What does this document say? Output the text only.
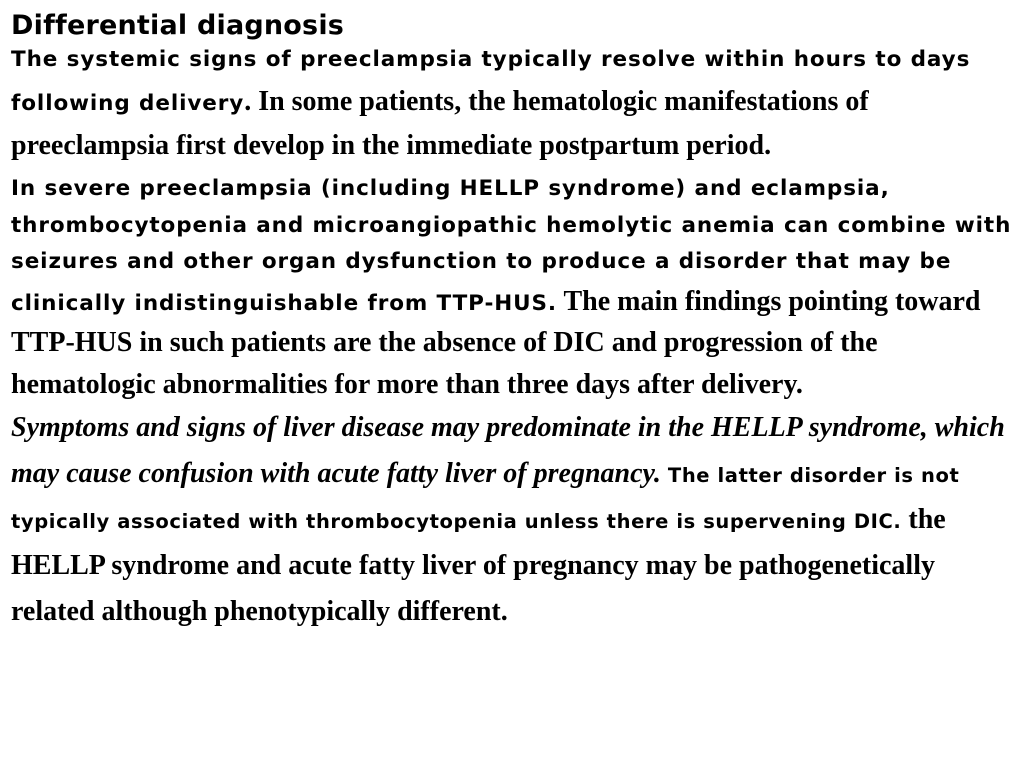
Differential diagnosis

The systemic signs of preeclampsia typically resolve within hours to days following delivery. In some patients, the hematologic manifestations of preeclampsia first develop in the immediate postpartum period.

In severe preeclampsia (including HELLP syndrome) and eclampsia, thrombocytopenia and microangiopathic hemolytic anemia can combine with seizures and other organ dysfunction to produce a disorder that may be clinically indistinguishable from TTP-HUS. The main findings pointing toward TTP-HUS in such patients are the absence of DIC and progression of the hematologic abnormalities for more than three days after delivery.

Symptoms and signs of liver disease may predominate in the HELLP syndrome, which may cause confusion with acute fatty liver of pregnancy. The latter disorder is not typically associated with thrombocytopenia unless there is supervening DIC. the HELLP syndrome and acute fatty liver of pregnancy may be pathogenetically related although phenotypically different.
